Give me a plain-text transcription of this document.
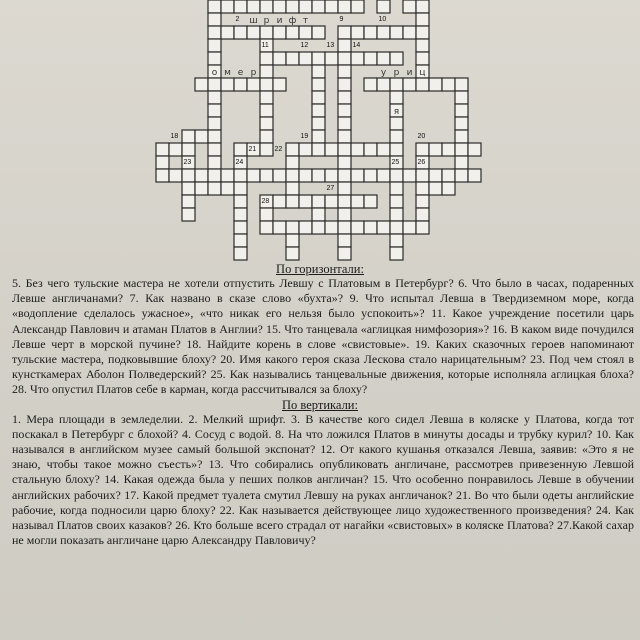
2	9	10
11	12	13	14
18	19	20
21	22
23	24	25	26
27
28
ш р и ф т
о м е р	у р и ц
я

По горизонтали:

5. Без чего тульские мастера не хотели отпустить Левшу с Платовым в Петербург? 6. Что было в часах, подаренных Левше англичанами? 7. Как названо в сказе слово «бухта»? 9. Что испытал Левша в Твердиземном море, когда «водопление сделалось ужасное», «что никак его нельзя было успокоить»? 11. Какое учреждение посетили царь Александр Павлович и атаман Платов в Англии? 15. Что танцевала «аглицкая нимфозория»? 16. В каком виде почудился Левше черт в морской пучине? 18. Найдите корень в слове «свистовые». 19. Каких сказочных героев напоминают тульские мастера, подковывшие блоху? 20. Имя какого героя сказа Лескова стало нарицательным? 23. Под чем стоял в кунсткамерах Аболон Полведерский? 25. Как назывались танцевальные движения, которые исполняла аглицкая блоха? 28. Что опустил Платов себе в карман, когда рассчитывался за блоху?

По вертикали:

1. Мера площади в земледелии. 2. Мелкий шрифт. 3. В качестве кого сидел Левша в коляске у Платова, когда тот поскакал в Петербург с блохой? 4. Сосуд с водой. 8. На что ложился Платов в минуты досады и трубку курил? 10. Как назывался в английском музее самый большой экспонат? 12. От какого кушанья отказался Левша, заявив: «Это я не знаю, чтобы такое можно съесть»? 13. Что собирались опубликовать англичане, рассмотрев привезенную Левшой стальную блоху? 14. Какая одежда была у пеших полков англичан? 15. Что особенно понравилось Левше в обучении английских рабочих? 17. Какой предмет туалета смутил Левшу на руках англичанок? 21. Во что были одеты английские рабочие, когда подносили царю блоху? 22. Как называется действующее лицо художественного произведения? 24. Как называл Платов своих казаков? 26. Кто больше всего страдал от нагайки «свистовых» в коляске Платова? 27.Какой сахар не могли показать англичане царю Александру Павловичу?
